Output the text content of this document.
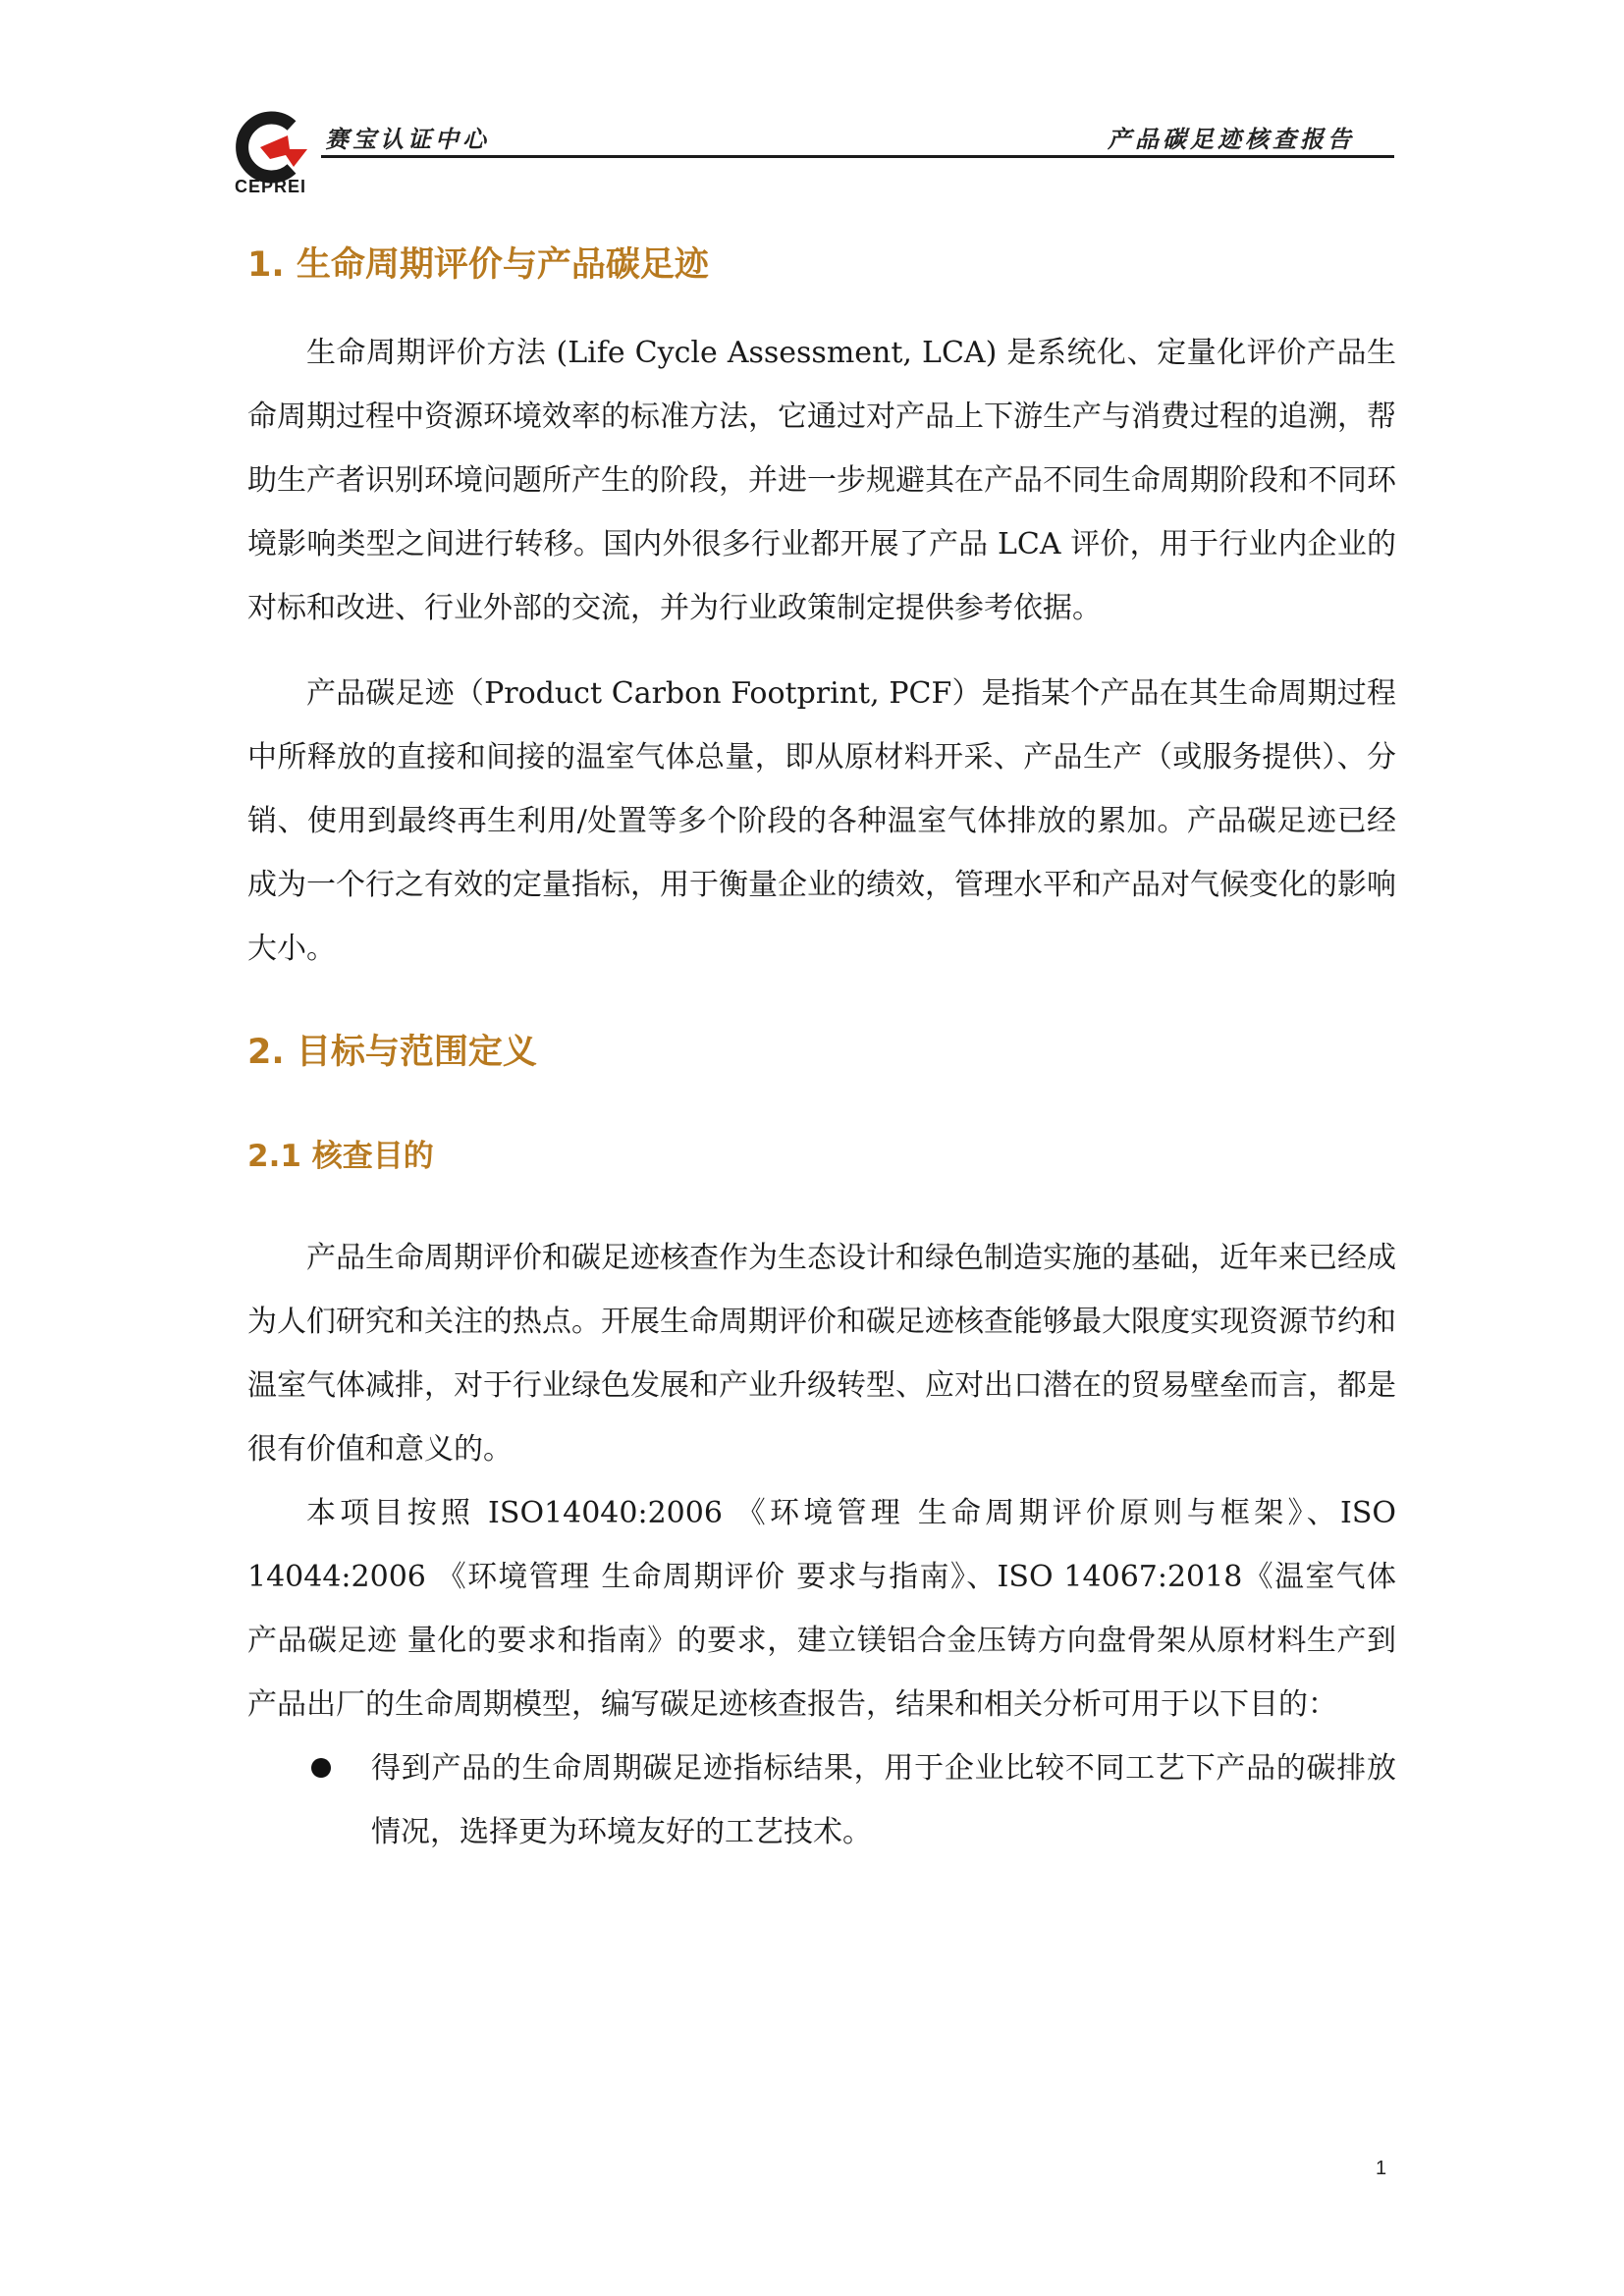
CEPREI
赛宝认证中心	产品碳足迹核查报告
1. 生命周期评价与产品碳足迹

生命周期评价方法 (Life Cycle Assessment, LCA) 是系统化、定量化评价产品生命周期过程中资源环境效率的标准方法，它通过对产品上下游生产与消费过程的追溯，帮助生产者识别环境问题所产生的阶段，并进一步规避其在产品不同生命周期阶段和不同环境影响类型之间进行转移。国内外很多行业都开展了产品 LCA 评价，用于行业内企业的对标和改进、行业外部的交流，并为行业政策制定提供参考依据。

产品碳足迹（Product Carbon Footprint, PCF）是指某个产品在其生命周期过程中所释放的直接和间接的温室气体总量，即从原材料开采、产品生产（或服务提供）、分销、使用到最终再生利用/处置等多个阶段的各种温室气体排放的累加。产品碳足迹已经成为一个行之有效的定量指标，用于衡量企业的绩效，管理水平和产品对气候变化的影响大小。

2. 目标与范围定义
2.1 核查目的

产品生命周期评价和碳足迹核查作为生态设计和绿色制造实施的基础，近年来已经成为人们研究和关注的热点。开展生命周期评价和碳足迹核查能够最大限度实现资源节约和温室气体减排，对于行业绿色发展和产业升级转型、应对出口潜在的贸易壁垒而言，都是很有价值和意义的。

本项目按照 ISO14040:2006 《环境管理 生命周期评价原则与框架》、ISO 14044:2006 《环境管理 生命周期评价 要求与指南》、ISO 14067:2018《温室气体 产品碳足迹 量化的要求和指南》的要求，建立镁铝合金压铸方向盘骨架从原材料生产到产品出厂的生命周期模型，编写碳足迹核查报告，结果和相关分析可用于以下目的：

得到产品的生命周期碳足迹指标结果，用于企业比较不同工艺下产品的碳排放情况，选择更为环境友好的工艺技术。

1
